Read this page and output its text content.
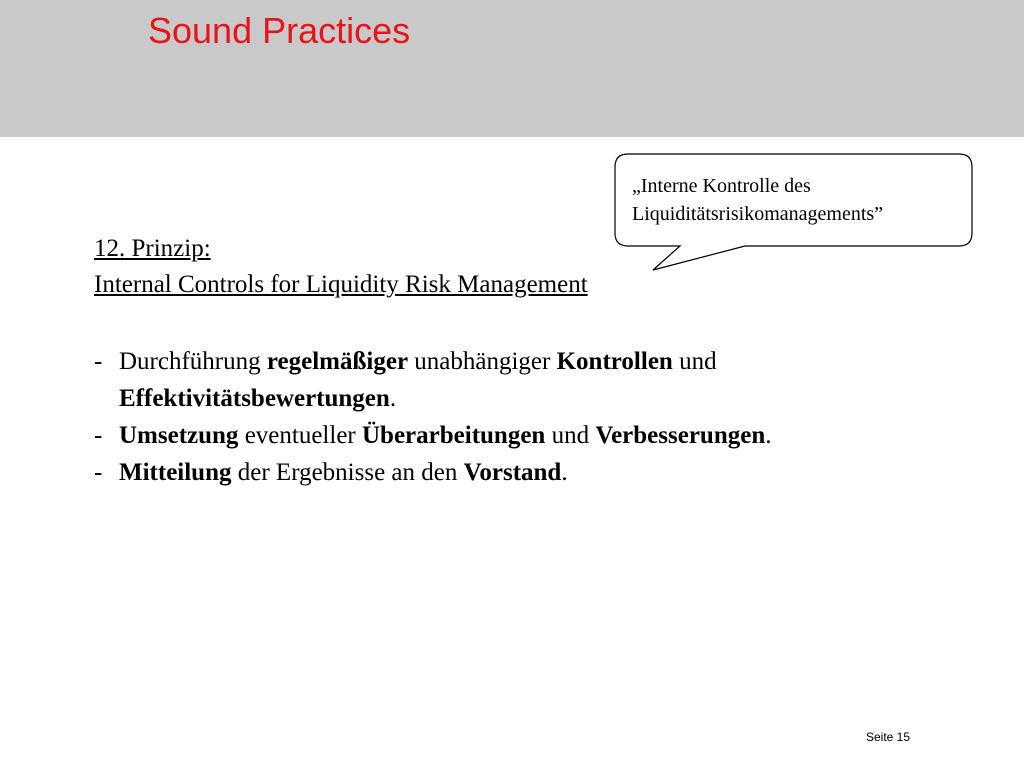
Sound Practices
„Interne Kontrolle des
Liquiditätsrisikomanagements”
12. Prinzip:
Internal Controls for Liquidity Risk Management
- Durchführung regelmäßiger unabhängiger Kontrollen und Effektivitätsbewertungen.
- Umsetzung eventueller Überarbeitungen und Verbesserungen.
- Mitteilung der Ergebnisse an den Vorstand.
Seite 15
